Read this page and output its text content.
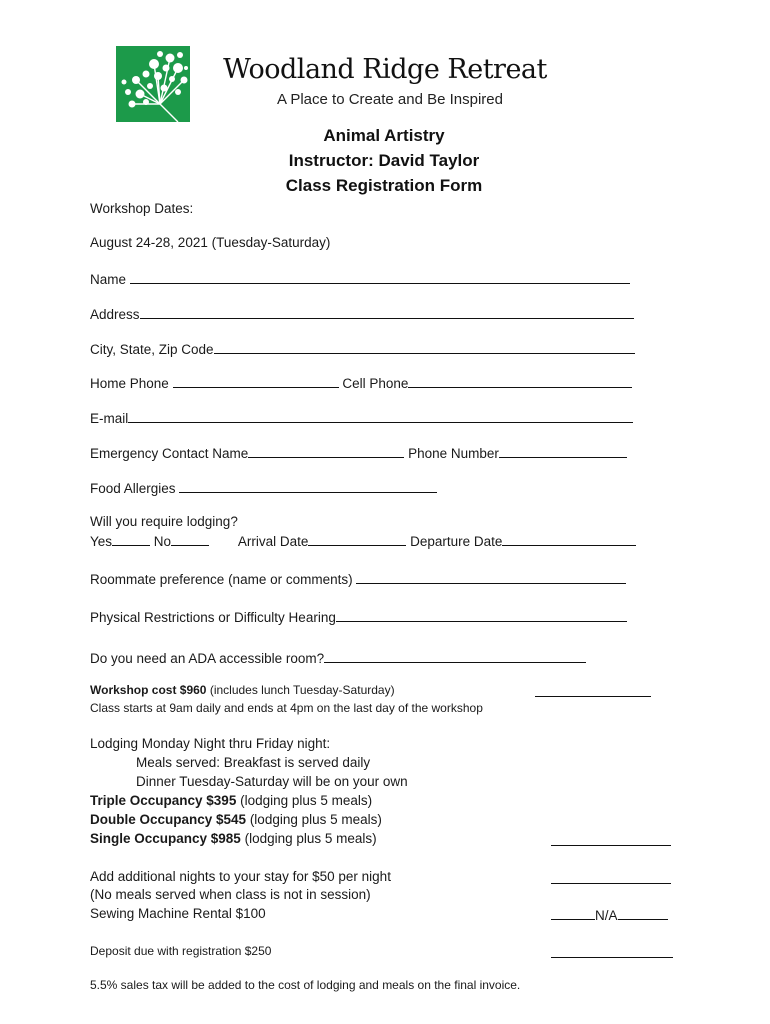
Woodland Ridge Retreat
A Place to Create and Be Inspired
Animal Artistry
Instructor: David Taylor
Class Registration Form
Workshop Dates:
August 24-28, 2021 (Tuesday-Saturday)
Name
Address
City, State, Zip Code
Home Phone	Cell Phone
E-mail
Emergency Contact Name	Phone Number
Food Allergies
Will you require lodging?
Yes	No	Arrival Date	Departure Date
Roommate preference (name or comments)
Physical Restrictions or Difficulty Hearing
Do you need an ADA accessible room?
Workshop cost $960 (includes lunch Tuesday-Saturday)
Class starts at 9am daily and ends at 4pm on the last day of the workshop
Lodging Monday Night thru Friday night:
Meals served: Breakfast is served daily
Dinner Tuesday-Saturday will be on your own
Triple Occupancy $395 (lodging plus 5 meals)
Double Occupancy $545 (lodging plus 5 meals)
Single Occupancy $985 (lodging plus 5 meals)
Add additional nights to your stay for $50 per night
(No meals served when class is not in session)
Sewing Machine Rental $100	N/A
Deposit due with registration $250
5.5% sales tax will be added to the cost of lodging and meals on the final invoice.
